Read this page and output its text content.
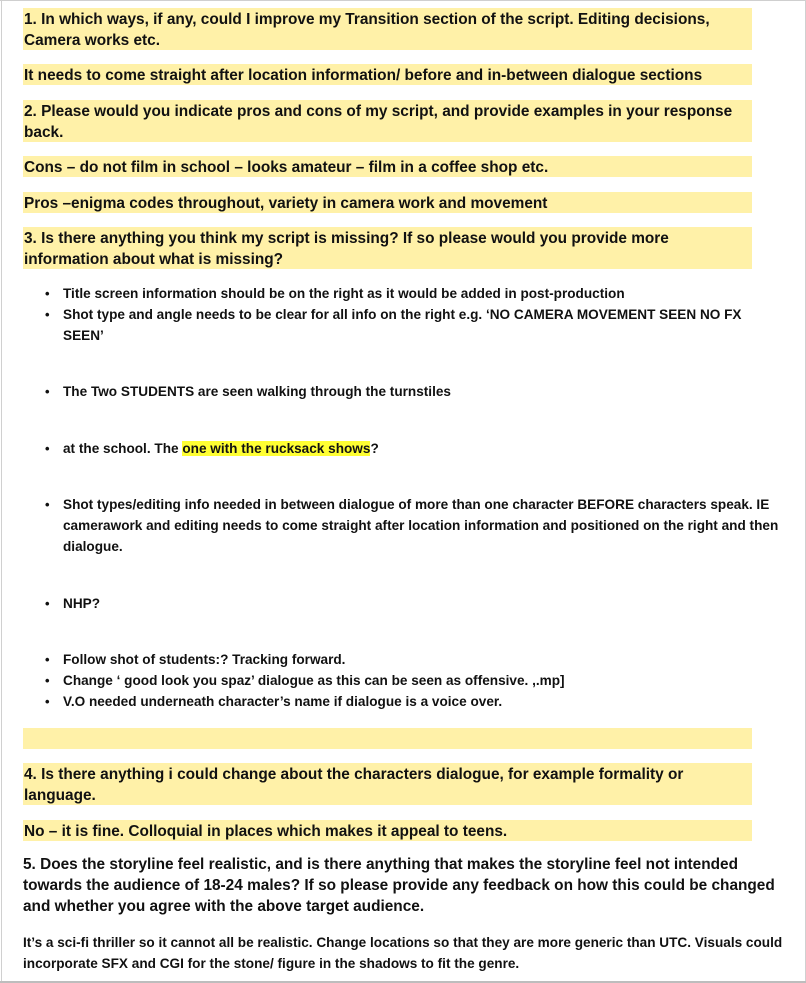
1. In which ways, if any, could I improve my Transition section of the script. Editing decisions, Camera works etc.
It needs to come straight after location information/ before and in-between dialogue sections
2. Please would you indicate pros and cons of my script, and provide examples in your response back.
Cons – do not film in school – looks amateur – film in a coffee shop etc.
Pros –enigma codes throughout, variety in camera work and movement
3. Is there anything you think my script is missing? If so please would you provide more information about what is missing?
• Title screen information should be on the right as it would be added in post-production
• Shot type and angle needs to be clear for all info on the right e.g. ‘NO CAMERA MOVEMENT SEEN NO FX SEEN’
• The Two STUDENTS are seen walking through the turnstiles
• at the school. The one with the rucksack shows?
• Shot types/editing info needed in between dialogue of more than one character BEFORE characters speak. IE camerawork and editing needs to come straight after location information and positioned on the right and then dialogue.
• NHP?
• Follow shot of students:? Tracking forward.
• Change ‘ good look you spaz’ dialogue as this can be seen as offensive. ,.mp]
• V.O needed underneath character’s name if dialogue is a voice over.
4. Is there anything i could change about the characters dialogue, for example formality or language.
No – it is fine. Colloquial in places which makes it appeal to teens.
5. Does the storyline feel realistic, and is there anything that makes the storyline feel not intended towards the audience of 18-24 males? If so please provide any feedback on how this could be changed and whether you agree with the above target audience.
It’s a sci-fi thriller so it cannot all be realistic. Change locations so that they are more generic than UTC. Visuals could incorporate SFX and CGI for the stone/ figure in the shadows to fit the genre.
